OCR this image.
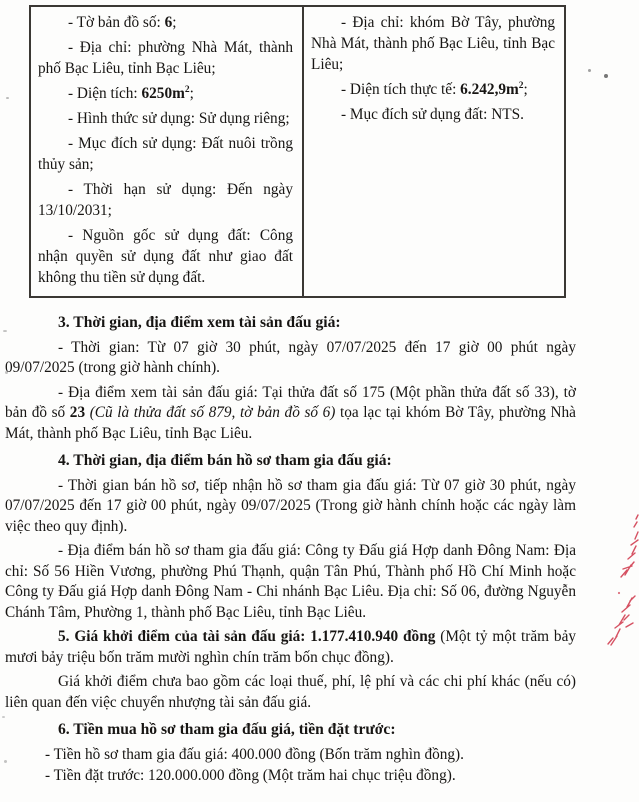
- Tờ bản đồ số: 6;

- Địa chỉ: phường Nhà Mát, thành phố Bạc Liêu, tỉnh Bạc Liêu;

- Diện tích: $6250m^2$;

- Hình thức sử dụng: Sử dụng riêng;

- Mục đích sử dụng: Đất nuôi trồng thủy sản;

- Thời hạn sử dụng: Đến ngày 13/10/2031;

- Nguồn gốc sử dụng đất: Công nhận quyền sử dụng đất như giao đất không thu tiền sử dụng đất.

- Địa chỉ: khóm Bờ Tây, phường Nhà Mát, thành phố Bạc Liêu, tỉnh Bạc Liêu;

- Diện tích thực tế: $6.242,9m^2$;

- Mục đích sử dụng đất: NTS.

3. Thời gian, địa điểm xem tài sản đấu giá:

- Thời gian: Từ 07 giờ 30 phút, ngày 07/07/2025 đến 17 giờ 00 phút ngày 09/07/2025 (trong giờ hành chính).

- Địa điểm xem tài sản đấu giá: Tại thửa đất số 175 (Một phần thửa đất số 33), tờ bản đồ số 23 (Cũ là thửa đất số 879, tờ bản đồ số 6) tọa lạc tại khóm Bờ Tây, phường Nhà Mát, thành phố Bạc Liêu, tỉnh Bạc Liêu.

4. Thời gian, địa điểm bán hồ sơ tham gia đấu giá:

- Thời gian bán hồ sơ, tiếp nhận hồ sơ tham gia đấu giá: Từ 07 giờ 30 phút, ngày 07/07/2025 đến 17 giờ 00 phút, ngày 09/07/2025 (Trong giờ hành chính hoặc các ngày làm việc theo quy định).

- Địa điểm bán hồ sơ tham gia đấu giá: Công ty Đấu giá Hợp danh Đông Nam: Địa chỉ: Số 56 Hiền Vương, phường Phú Thạnh, quận Tân Phú, Thành phố Hồ Chí Minh hoặc Công ty Đấu giá Hợp danh Đông Nam - Chi nhánh Bạc Liêu. Địa chỉ: Số 06, đường Nguyễn Chánh Tâm, Phường 1, thành phố Bạc Liêu, tỉnh Bạc Liêu.

5. Giá khởi điểm của tài sản đấu giá: 1.177.410.940 đồng (Một tỷ một trăm bảy mươi bảy triệu bốn trăm mười nghìn chín trăm bốn chục đồng).

Giá khởi điểm chưa bao gồm các loại thuế, phí, lệ phí và các chi phí khác (nếu có) liên quan đến việc chuyển nhượng tài sản đấu giá.

6. Tiền mua hồ sơ tham gia đấu giá, tiền đặt trước:

- Tiền hồ sơ tham gia đấu giá: 400.000 đồng (Bốn trăm nghìn đồng).

- Tiền đặt trước: 120.000.000 đồng (Một trăm hai chục triệu đồng).
